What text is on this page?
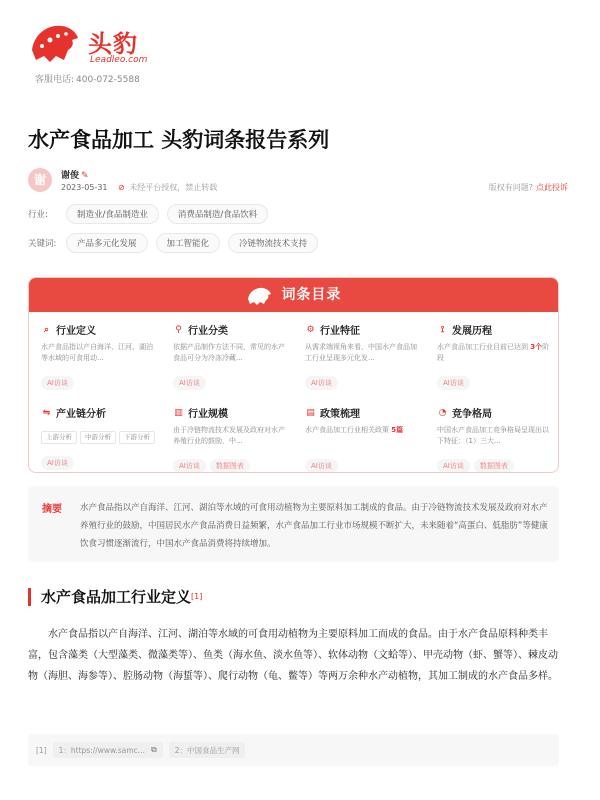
头豹
Leadleo.com
客服电话: 400-072-5588
水产食品加工 头豹词条报告系列
谢	谢俊 ✎
2023-05-31 ⊘ 未经平台授权，禁止转载	版权有问题? 点此投诉
行业:	制造业/食品制造业	消费品制造/食品饮料
关键词:	产品多元化发展	加工智能化	冷链物流技术支持
词条目录
⌕ 行业定义
水产食品指以产自海洋、江河、湖泊等水域的可食用动...
AI访谈
⚲ 行业分类
依据产品制作方法不同，常见的水产食品可分为冷冻冷藏...
AI访谈
⚙ 行业特征
从需求端视角来看，中国水产食品加工行业呈现多元化发...
AI访谈
⟟ 发展历程
水产食品加工行业目前已达到 3个阶段
AI访谈
⇋ 产业链分析
上游分析 中游分析 下游分析
AI访谈
▥ 行业规模
由于冷链物流技术发展及政府对水产养殖行业的鼓励，中...
AI访谈 数据图表
▤ 政策梳理
水产食品加工行业相关政策 5篇
AI访谈
◔ 竞争格局
中国水产食品加工竞争格局呈现出以下特征：（1）三大...
AI访谈 数据图表
摘要 水产食品指以产自海洋、江河、湖泊等水域的可食用动植物为主要原料加工制成的食品。由于冷链物流技术发展及政府对水产养殖行业的鼓励，中国居民水产食品消费日益频繁，水产食品加工行业市场规模不断扩大，未来随着“高蛋白、低脂肪”等健康饮食习惯逐渐流行，中国水产食品消费将持续增加。
水产食品加工行业定义[1]

水产食品指以产自海洋、江河、湖泊等水域的可食用动植物为主要原料加工而成的食品。由于水产食品原料种类丰富，包含藻类（大型藻类、微藻类等）、鱼类（海水鱼、淡水鱼等）、软体动物（文蛤等）、甲壳动物（虾、蟹等）、棘皮动物（海胆、海参等）、腔肠动物（海蜇等）、爬行动物（龟、鳖等）等两万余种水产动植物，其加工制成的水产食品多样。

[1] 1：https://www.samc... ⧉ 2：中国食品生产网
